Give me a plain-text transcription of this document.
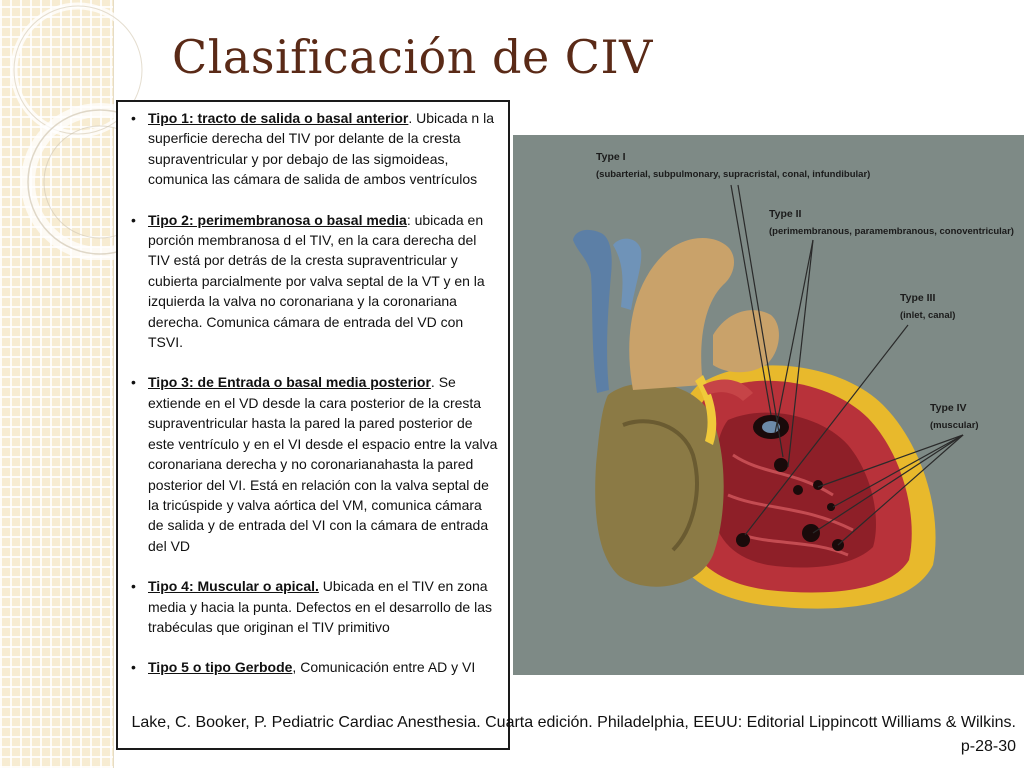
Clasificación de CIV
• Tipo 1: tracto de salida o basal anterior. Ubicada n la superficie derecha del TIV por delante de la cresta supraventricular y por debajo de las sigmoideas, comunica las cámara de salida de ambos ventrículos
• Tipo 2: perimembranosa o basal media: ubicada en porción membranosa d el TIV, en la cara derecha del TIV está por detrás de la cresta supraventricular y cubierta parcialmente por valva septal de la VT y en la izquierda la valva no coronariana y la coronariana derecha. Comunica cámara de entrada del VD con TSVI.
• Tipo 3: de Entrada o basal media posterior. Se extiende en el VD desde la cara posterior de la cresta supraventricular hasta la pared la pared posterior de este ventrículo y en el VI desde el espacio entre la valva coronariana derecha y no coronarianahasta la pared posterior del VI. Está en relación con la valva septal de la tricúspide y valva aórtica del VM, comunica cámara de salida y de entrada del VI con la cámara de entrada del VD
• Tipo 4: Muscular o apical. Ubicada en el TIV en zona media y hacia la punta. Defectos en el desarrollo de las trabéculas que originan el TIV primitivo
• Tipo 5 o tipo Gerbode, Comunicación entre AD y VI
Type I
(subarterial, subpulmonary, supracristal, conal, infundibular)
Type II
(perimembranous, paramembranous, conoventricular)
Type III
(inlet, canal)
Type IV
(muscular)
Lake, C. Booker, P. Pediatric Cardiac Anesthesia. Cuarta edición. Philadelphia, EEUU: Editorial Lippincott Williams & Wilkins.
p-28-30
